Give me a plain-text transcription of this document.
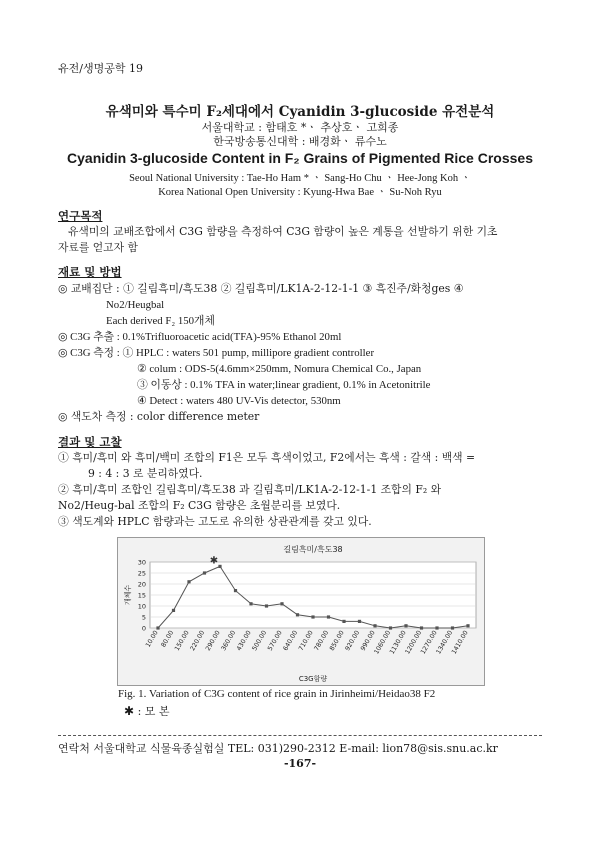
유전/생명공학 19
유색미와 특수미 F₂세대에서 Cyanidin 3-glucoside 유전분석
서울대학교 : 함태호 *ㆍ 추상호ㆍ 고희종
한국방송통신대학 : 배경화ㆍ 류수노
Cyanidin 3-glucoside Content in F₂ Grains of Pigmented Rice Crosses
Seoul National University : Tae-Ho Ham * ㆍ Sang-Ho Chu ㆍ Hee-Jong Koh ㆍ
Korea National Open University : Kyung-Hwa Bae ㆍ Su-Noh Ryu
연구목적
유색미의 교배조합에서 C3G 함량을 측정하여 C3G 함량이 높은 계통을 선발하기 위한 기초
자료를 얻고자 함
재료 및 방법
◎ 교배집단 : ① 길림흑미/흑도38 ② 길림흑미/LK1A-2-12-1-1 ③ 흑진주/화청ges ④
No2/Heugbal
Each derived F₂ 150개체
◎ C3G 추출 : 0.1%Trifluoroacetic acid(TFA)-95% Ethanol 20ml
◎ C3G 측정 : ① HPLC : waters 501 pump, millipore gradient controller
② colum : ODS-5(4.6mm×250mm, Nomura Chemical Co., Japan
③ 이동상 : 0.1% TFA in water;linear gradient, 0.1% in Acetonitrile
④ Detect : waters 480 UV-Vis detector, 530nm
◎ 색도차 측정 : color difference meter
결과 및 고찰
① 흑미/흑미 와 흑미/백미 조합의 F1은 모두 흑색이었고, F2에서는 흑색 : 갈색 : 백색 =
9 : 4 : 3 로 분리하였다.
② 흑미/흑미 조합인 길림흑미/흑도38 과 길림흑미/LK1A-2-12-1-1 조합의 F₂ 와
No2/Heug-bal 조합의 F₂ C3G 함량은 초월분리를 보였다.
③ 색도계와 HPLC 함량과는 고도로 유의한 상관관계를 갖고 있다.
길림흑미/흑도38
0
5
10
15
20
25
30
개체수
10.00 80.00
150.00
220.00
290.00
360.00
430.00
500.00
570.00
640.00
710.00
780.00
850.00
920.00
990.00
1060.00
1130.00
1200.00
1270.00
1340.00
1410.00
C3G함량
✱
Fig. 1. Variation of C3G content of rice grain in Jirinheimi/Heidao38 F2
✱ : 모 본
연락처 서울대학교 식물육종실험실 TEL: 031)290-2312 E-mail: lion78@sis.snu.ac.kr
-167-
